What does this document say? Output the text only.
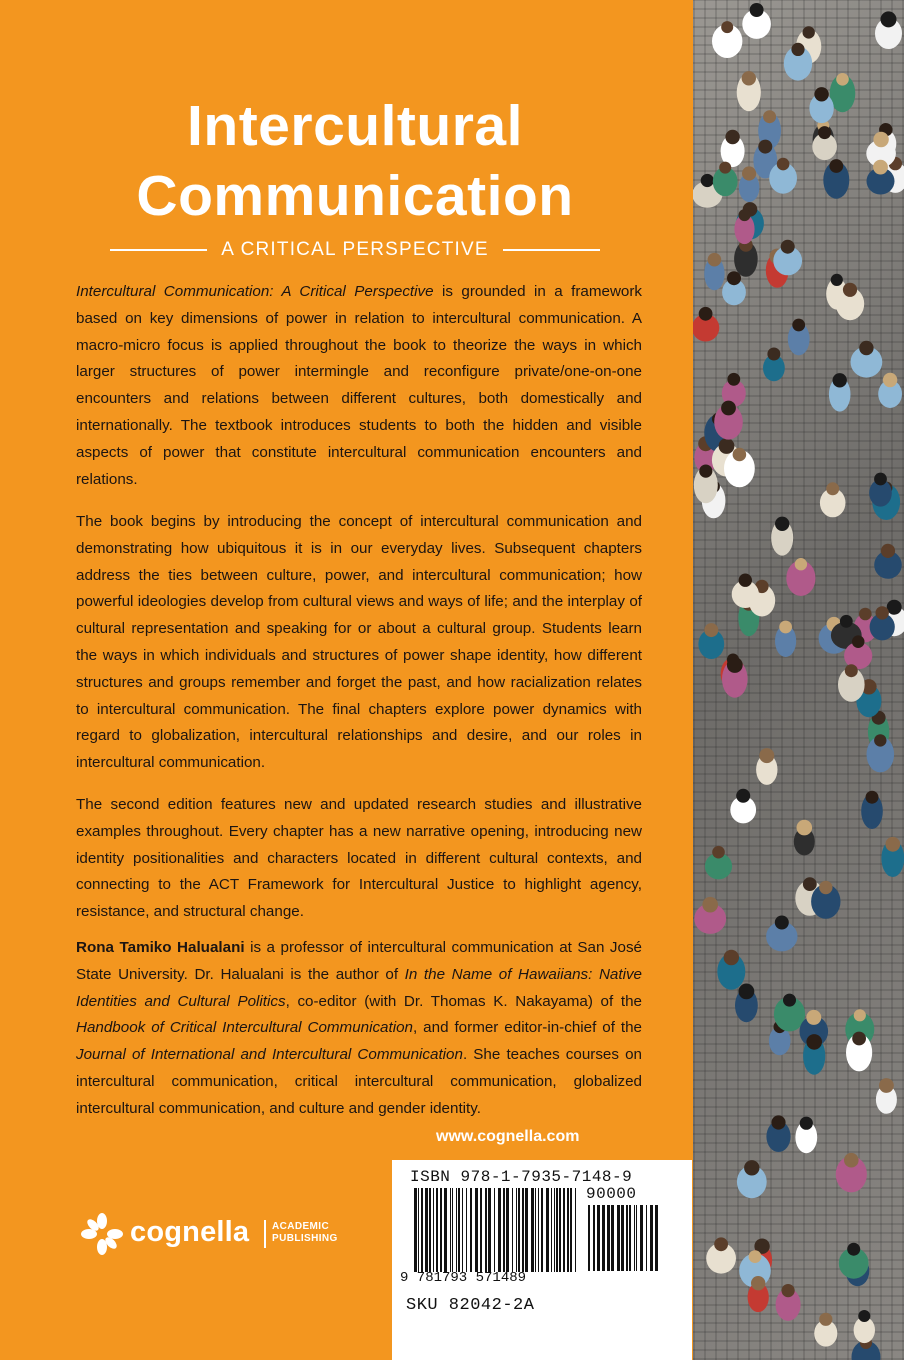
Intercultural
Communication
A CRITICAL PERSPECTIVE
Intercultural Communication: A Critical Perspective is grounded in a framework based on key dimensions of power in relation to intercultural communication. A macro-micro focus is applied throughout the book to theorize the ways in which larger structures of power intermingle and reconfigure private/one-on-one encounters and relations between different cultures, both domestically and internationally. The textbook introduces students to both the hidden and visible aspects of power that constitute intercultural communication encounters and relations.
The book begins by introducing the concept of intercultural communication and demonstrating how ubiquitous it is in our everyday lives. Subsequent chapters address the ties between culture, power, and intercultural communication; how powerful ideologies develop from cultural views and ways of life; and the interplay of cultural representation and speaking for or about a cultural group. Students learn the ways in which individuals and structures of power shape identity, how different structures and groups remember and forget the past, and how racialization relates to intercultural communication. The final chapters explore power dynamics with regard to globalization, intercultural relationships and desire, and our roles in intercultural communication.
The second edition features new and updated research studies and illustrative examples throughout. Every chapter has a new narrative opening, introducing new identity positionalities and characters located in different cultural contexts, and connecting to the ACT Framework for Intercultural Justice to highlight agency, resistance, and structural change.
Rona Tamiko Halualani is a professor of intercultural communication at San José State University. Dr. Halualani is the author of In the Name of Hawaiians: Native Identities and Cultural Politics, co-editor (with Dr. Thomas K. Nakayama) of the Handbook of Critical Intercultural Communication, and former editor-in-chief of the Journal of International and Intercultural Communication. She teaches courses on intercultural communication, critical intercultural communication, globalized intercultural communication, and culture and gender identity.
www.cognella.com
cognella ACADEMIC
PUBLISHING
ISBN 978-1-7935-7148-9
90000
9 781793 571489
SKU 82042-2A
